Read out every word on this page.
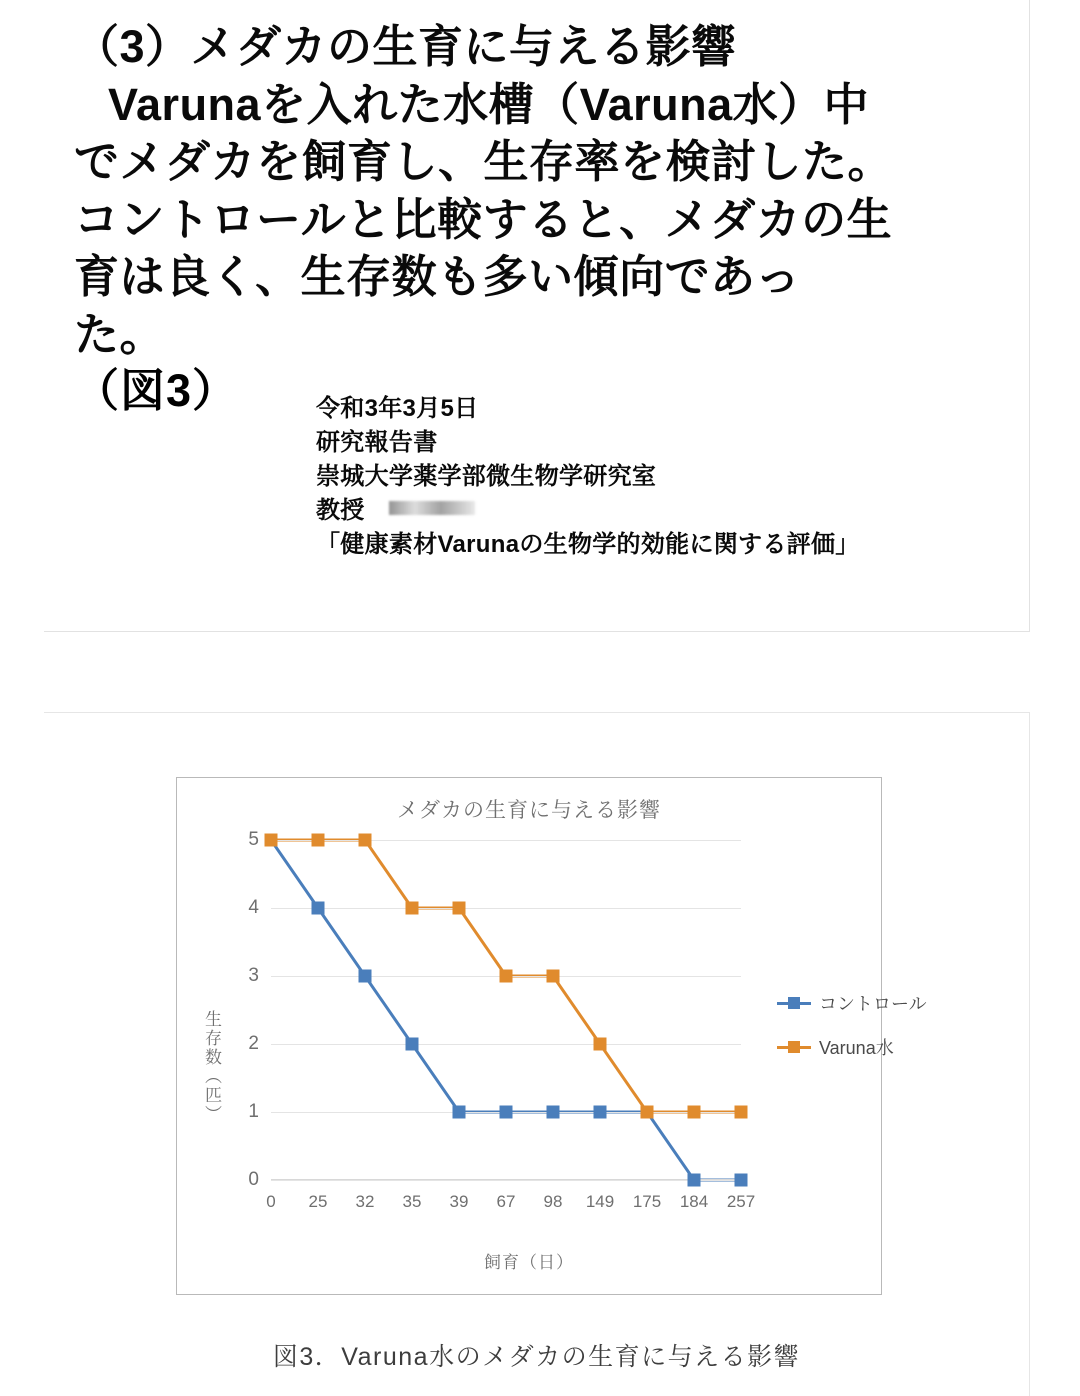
（3）メダカの生育に与える影響
Varunaを入れた水槽（Varuna水）中
でメダカを飼育し、生存率を検討した。
コントロールと比較すると、メダカの生
育は良く、生存数も多い傾向であっ
た。
（図3）	令和3年3月5日
研究報告書
崇城大学薬学部微生物学研究室
教授
「健康素材Varunaの生物学的効能に関する評価」
メダカの生育に与える影響
生存数（匹）
0
1
2
3
4
5
0 25 32 35 39 67 98 149 175 184 257
飼育（日）
コントロール
Varuna水
図3．Varuna水のメダカの生育に与える影響
